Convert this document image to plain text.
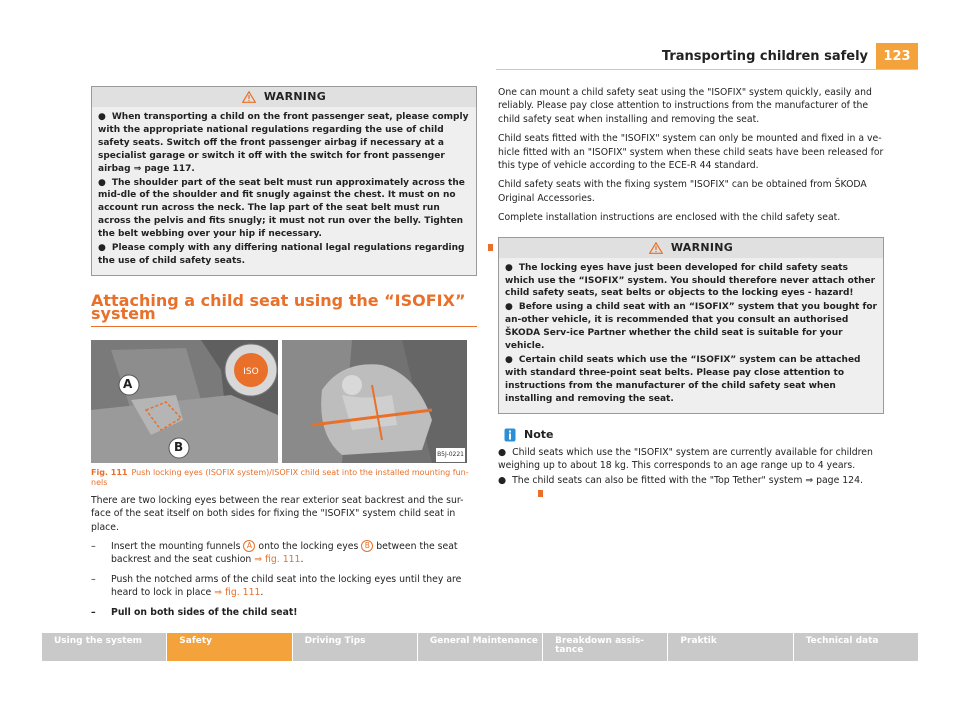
Transporting children safely	123
WARNING

● When transporting a child on the front passenger seat, please comply with the appropriate national regulations regarding the use of child safety seats. Switch off the front passenger airbag if necessary at a specialist garage or switch it off with the switch for front passenger airbag ⇒ page 117.

● The shoulder part of the seat belt must run approximately across the mid-dle of the shoulder and fit snugly against the chest. It must on no account run across the neck. The lap part of the seat belt must run across the pelvis and fits snugly; it must not run over the belly. Tighten the belt webbing over your hip if necessary.

● Please comply with any differing national legal regulations regarding the use of child safety seats.

Attaching a child seat using the “ISOFIX” system
ISO
A
B
B5J-0221
Fig. 111 Push locking eyes (ISOFIX system)/ISOFIX child seat into the installed mounting fun-nels

There are two locking eyes between the rear exterior seat backrest and the sur-face of the seat itself on both sides for fixing the "ISOFIX" system child seat in place.

–	Insert the mounting funnels A onto the locking eyes B between the seat backrest and the seat cushion ⇒ fig. 111.
–	Push the notched arms of the child seat into the locking eyes until they are heard to lock in place ⇒ fig. 111.
–	Pull on both sides of the child seat!

One can mount a child safety seat using the "ISOFIX" system quickly, easily and reliably. Please pay close attention to instructions from the manufacturer of the child safety seat when installing and removing the seat.

Child seats fitted with the "ISOFIX" system can only be mounted and fixed in a ve-hicle fitted with an "ISOFIX" system when these child seats have been released for this type of vehicle according to the ECE-R 44 standard.

Child safety seats with the fixing system "ISOFIX" can be obtained from ŠKODA Original Accessories.

Complete installation instructions are enclosed with the child safety seat.

WARNING

● The locking eyes have just been developed for child safety seats which use the “ISOFIX” system. You should therefore never attach other child safety seats, seat belts or objects to the locking eyes - hazard!

● Before using a child seat with an “ISOFIX” system that you bought for an-other vehicle, it is recommended that you consult an authorised ŠKODA Serv-ice Partner whether the child seat is suitable for your vehicle.

● Certain child seats which use the “ISOFIX” system can be attached with standard three-point seat belts. Please pay close attention to instructions from the manufacturer of the child safety seat when installing and removing the seat.

Note

● Child seats which use the "ISOFIX" system are currently available for children weighing up to about 18 kg. This corresponds to an age range up to 4 years.

● The child seats can also be fitted with the "Top Tether" system ⇒ page 124.

Using the system	Safety	Driving Tips	General Maintenance	Breakdown assis-tance
Praktik	Technical data
